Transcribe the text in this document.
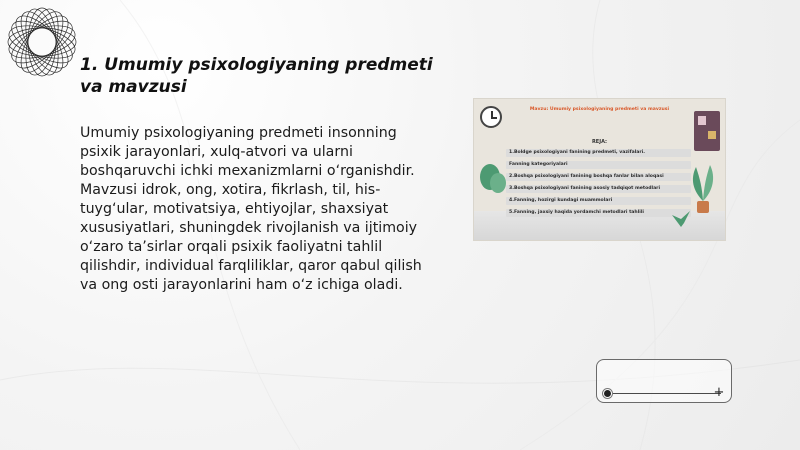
1. Umumiy psixologiyaning predmeti va mavzusi
Umumiy psixologiyaning predmeti insonning psixik jarayonlari, xulq-atvori va ularni boshqaruvchi ichki mexanizmlarni o‘rganishdir. Mavzusi idrok, ong, xotira, fikrlash, til, his-tuyg‘ular, motivatsiya, ehtiyojlar, shaxsiyat xususiyatlari, shuningdek rivojlanish va ijtimoiy o‘zaro ta’sirlar orqali psixik faoliyatni tahlil qilishdir, individual farqliliklar, qaror qabul qilish va ong osti jarayonlarini ham o‘z ichiga oladi.
Mavzu: Umumiy psixologiyaning predmeti va mavzusi
REJA:
1.Boldge psixologiyani fanining predmeti, vazifalari.
Fanning kategoriyalari
2.Boshqa psixologiyani fanining boshqa fanlar bilan aloqasi
3.Boshqa psixologiyani fanining asosiy tadqiqot metodlari
4.Fanning, hozirgi kundagi muammolari
5.Fanning, jaxsiy haqida yordamchi metodlari tahlili
+
